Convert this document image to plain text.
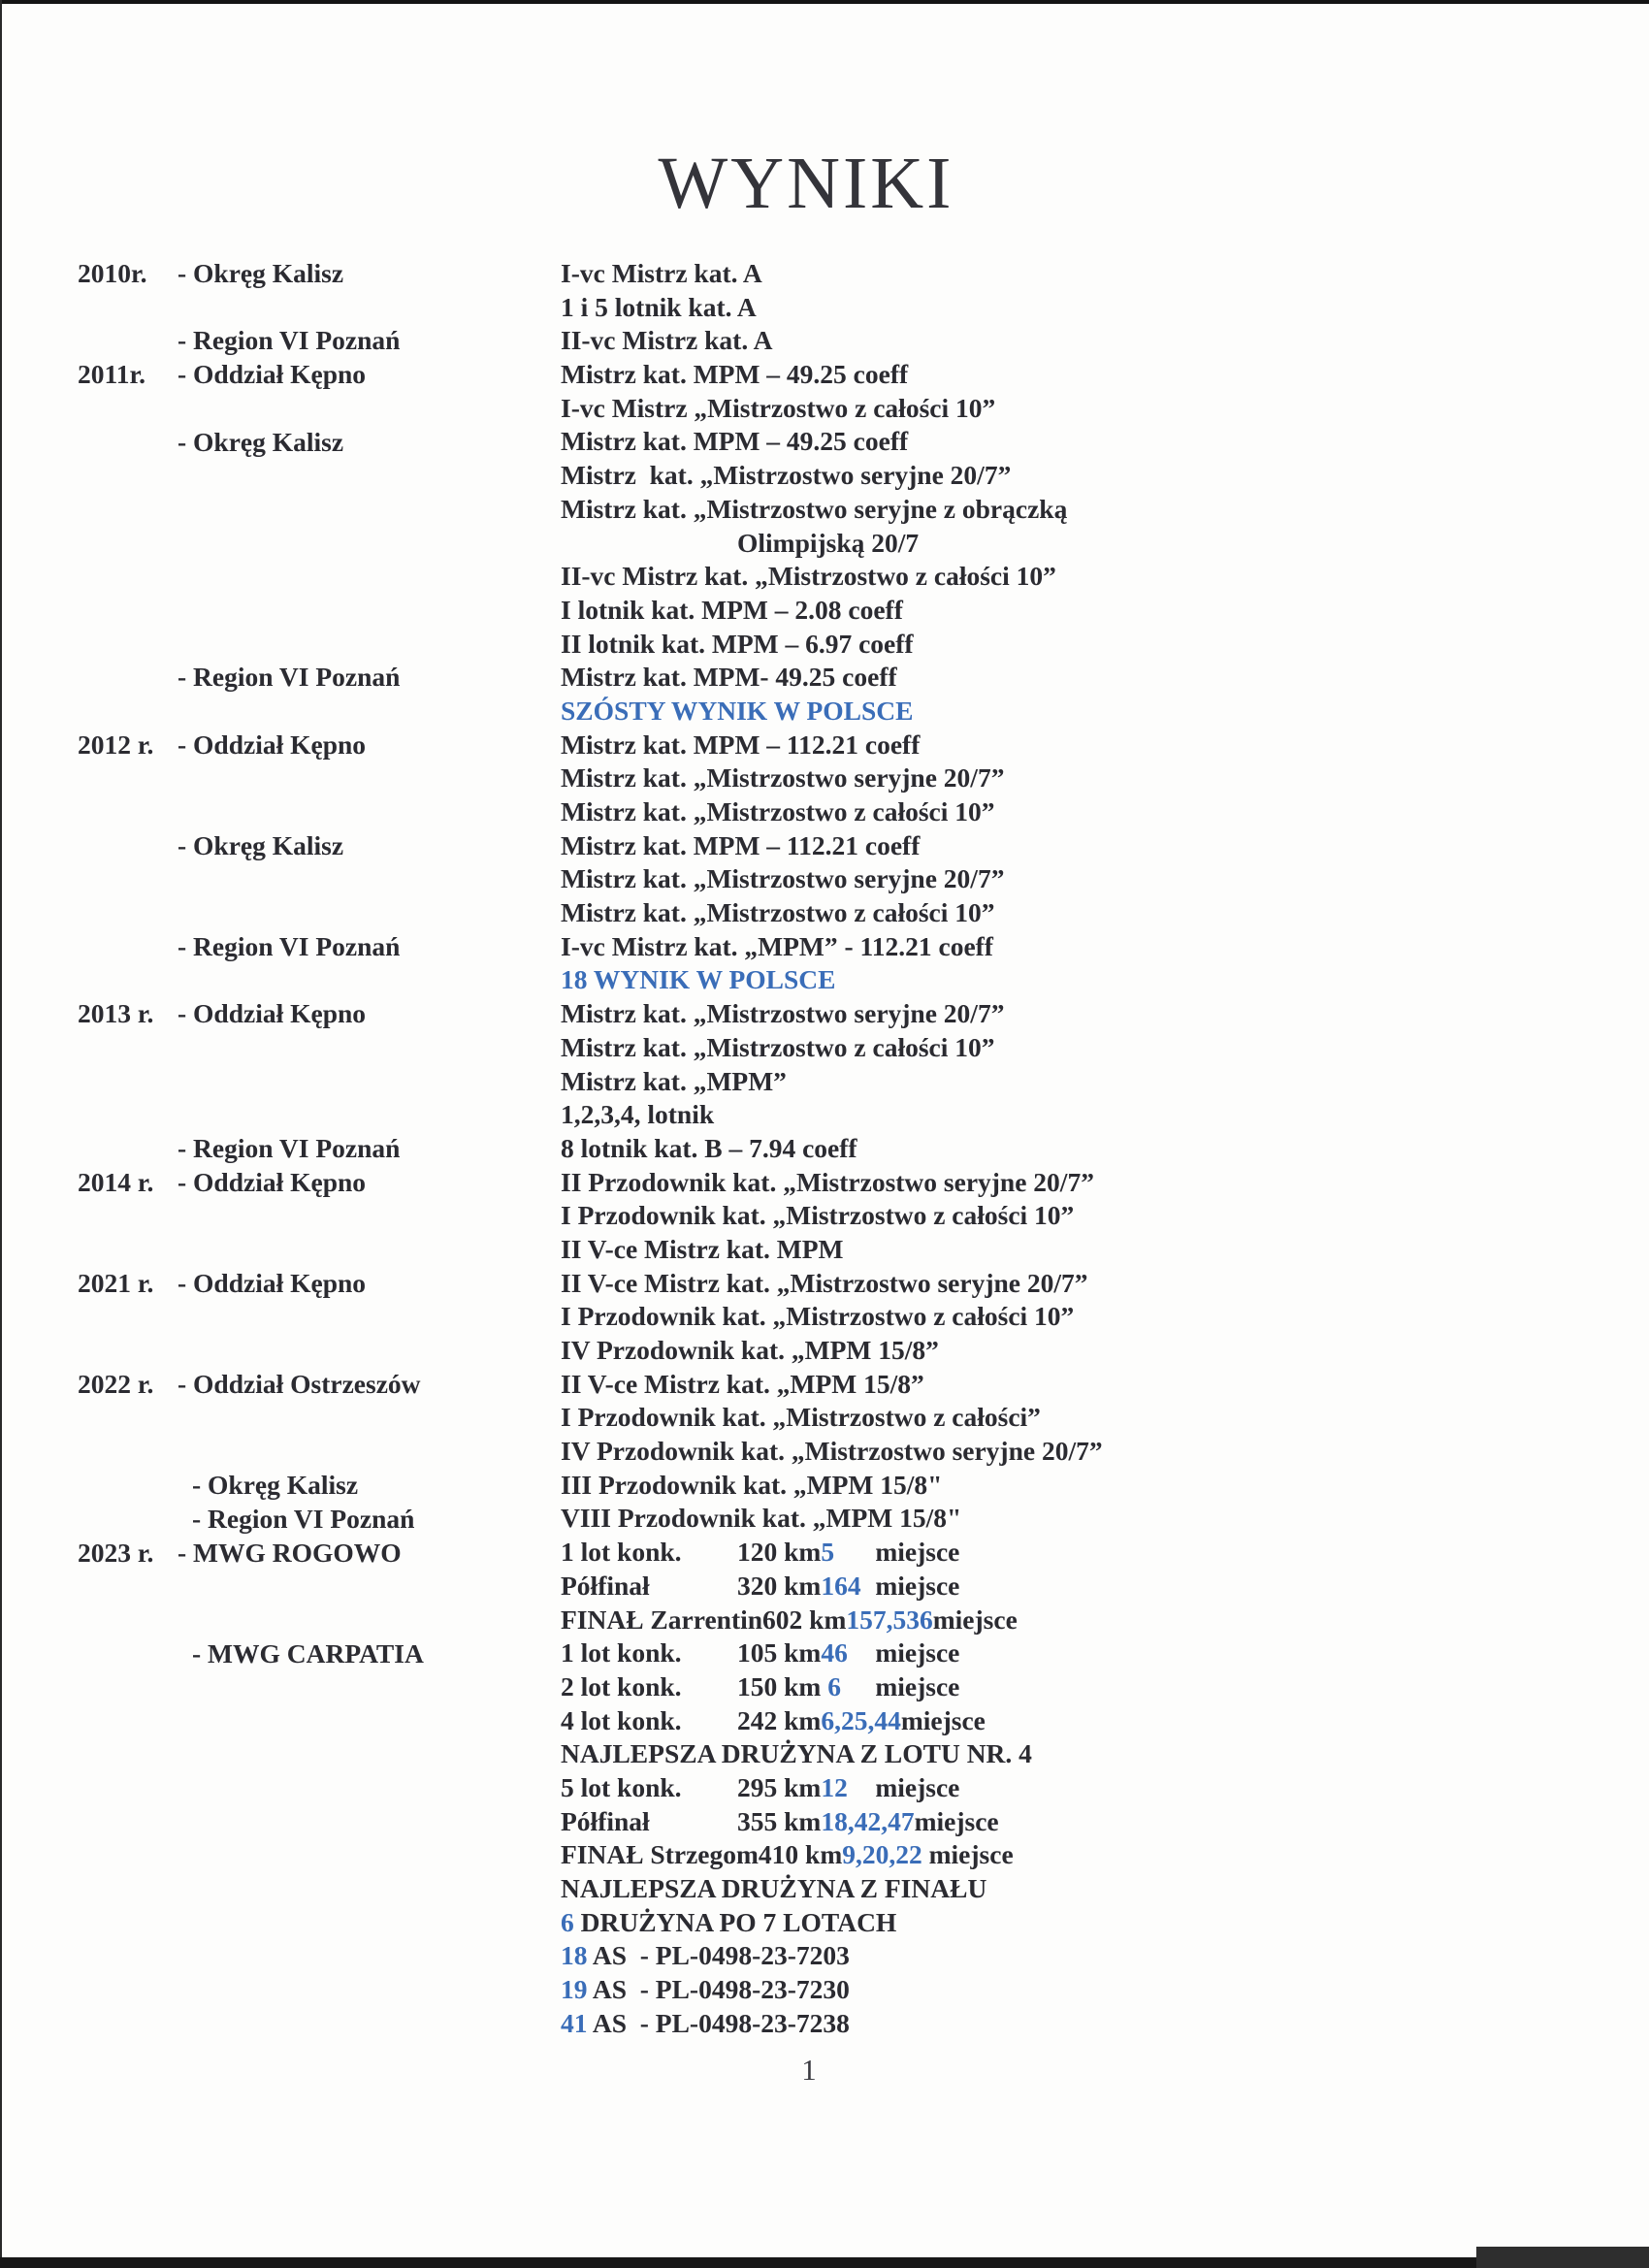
WYNIKI
2010r. - Okręg Kalisz
- Region VI Poznań
2011r. - Oddział Kępno
- Okręg Kalisz
- Region VI Poznań
2012 r. - Oddział Kępno
- Okręg Kalisz
- Region VI Poznań
2013 r. - Oddział Kępno
- Region VI Poznań
2014 r. - Oddział Kępno
2021 r. - Oddział Kępno
2022 r. - Oddział Ostrzeszów
- Okręg Kalisz
- Region VI Poznań
2023 r. - MWG ROGOWO
- MWG CARPATIA
I-vc Mistrz kat. A
1 i 5 lotnik kat. A
II-vc Mistrz kat. A
Mistrz kat. MPM – 49.25 coeff
I-vc Mistrz „Mistrzostwo z całości 10”
Mistrz kat. MPM – 49.25 coeff
Mistrz  kat. „Mistrzostwo seryjne 20/7”
Mistrz kat. „Mistrzostwo seryjne z obrączką
Olimpijską 20/7
II-vc Mistrz kat. „Mistrzostwo z całości 10”
I lotnik kat. MPM – 2.08 coeff
II lotnik kat. MPM – 6.97 coeff
Mistrz kat. MPM- 49.25 coeff
SZÓSTY WYNIK W POLSCE
Mistrz kat. MPM – 112.21 coeff
Mistrz kat. „Mistrzostwo seryjne 20/7”
Mistrz kat. „Mistrzostwo z całości 10”
Mistrz kat. MPM – 112.21 coeff
Mistrz kat. „Mistrzostwo seryjne 20/7”
Mistrz kat. „Mistrzostwo z całości 10”
I-vc Mistrz kat. „MPM” - 112.21 coeff
18 WYNIK W POLSCE
Mistrz kat. „Mistrzostwo seryjne 20/7”
Mistrz kat. „Mistrzostwo z całości 10”
Mistrz kat. „MPM”
1,2,3,4, lotnik
8 lotnik kat. B – 7.94 coeff
II Przodownik kat. „Mistrzostwo seryjne 20/7”
I Przodownik kat. „Mistrzostwo z całości 10”
II V-ce Mistrz kat. MPM
II V-ce Mistrz kat. „Mistrzostwo seryjne 20/7”
I Przodownik kat. „Mistrzostwo z całości 10”
IV Przodownik kat. „MPM 15/8”
II V-ce Mistrz kat. „MPM 15/8”
I Przodownik kat. „Mistrzostwo z całości”
IV Przodownik kat. „Mistrzostwo seryjne 20/7”
III Przodownik kat. „MPM 15/8"
VIII Przodownik kat. „MPM 15/8"
1 lot konk. 120 km5 miejsce
Półfinał	320 km164 miejsce
FINAŁ Zarrentin602 km157,536miejsce
1 lot konk. 105 km46 miejsce
2 lot konk. 150 km 6 miejsce
4 lot konk. 242 km6,25,44miejsce
NAJLEPSZA DRUŻYNA Z LOTU NR. 4
5 lot konk. 295 km12 miejsce
Półfinał	355 km18,42,47miejsce
FINAŁ Strzegom410 km9,20,22 miejsce
NAJLEPSZA DRUŻYNA Z FINAŁU
6 DRUŻYNA PO 7 LOTACH
18 AS  - PL-0498-23-7203
19 AS  - PL-0498-23-7230
41 AS  - PL-0498-23-7238
1
